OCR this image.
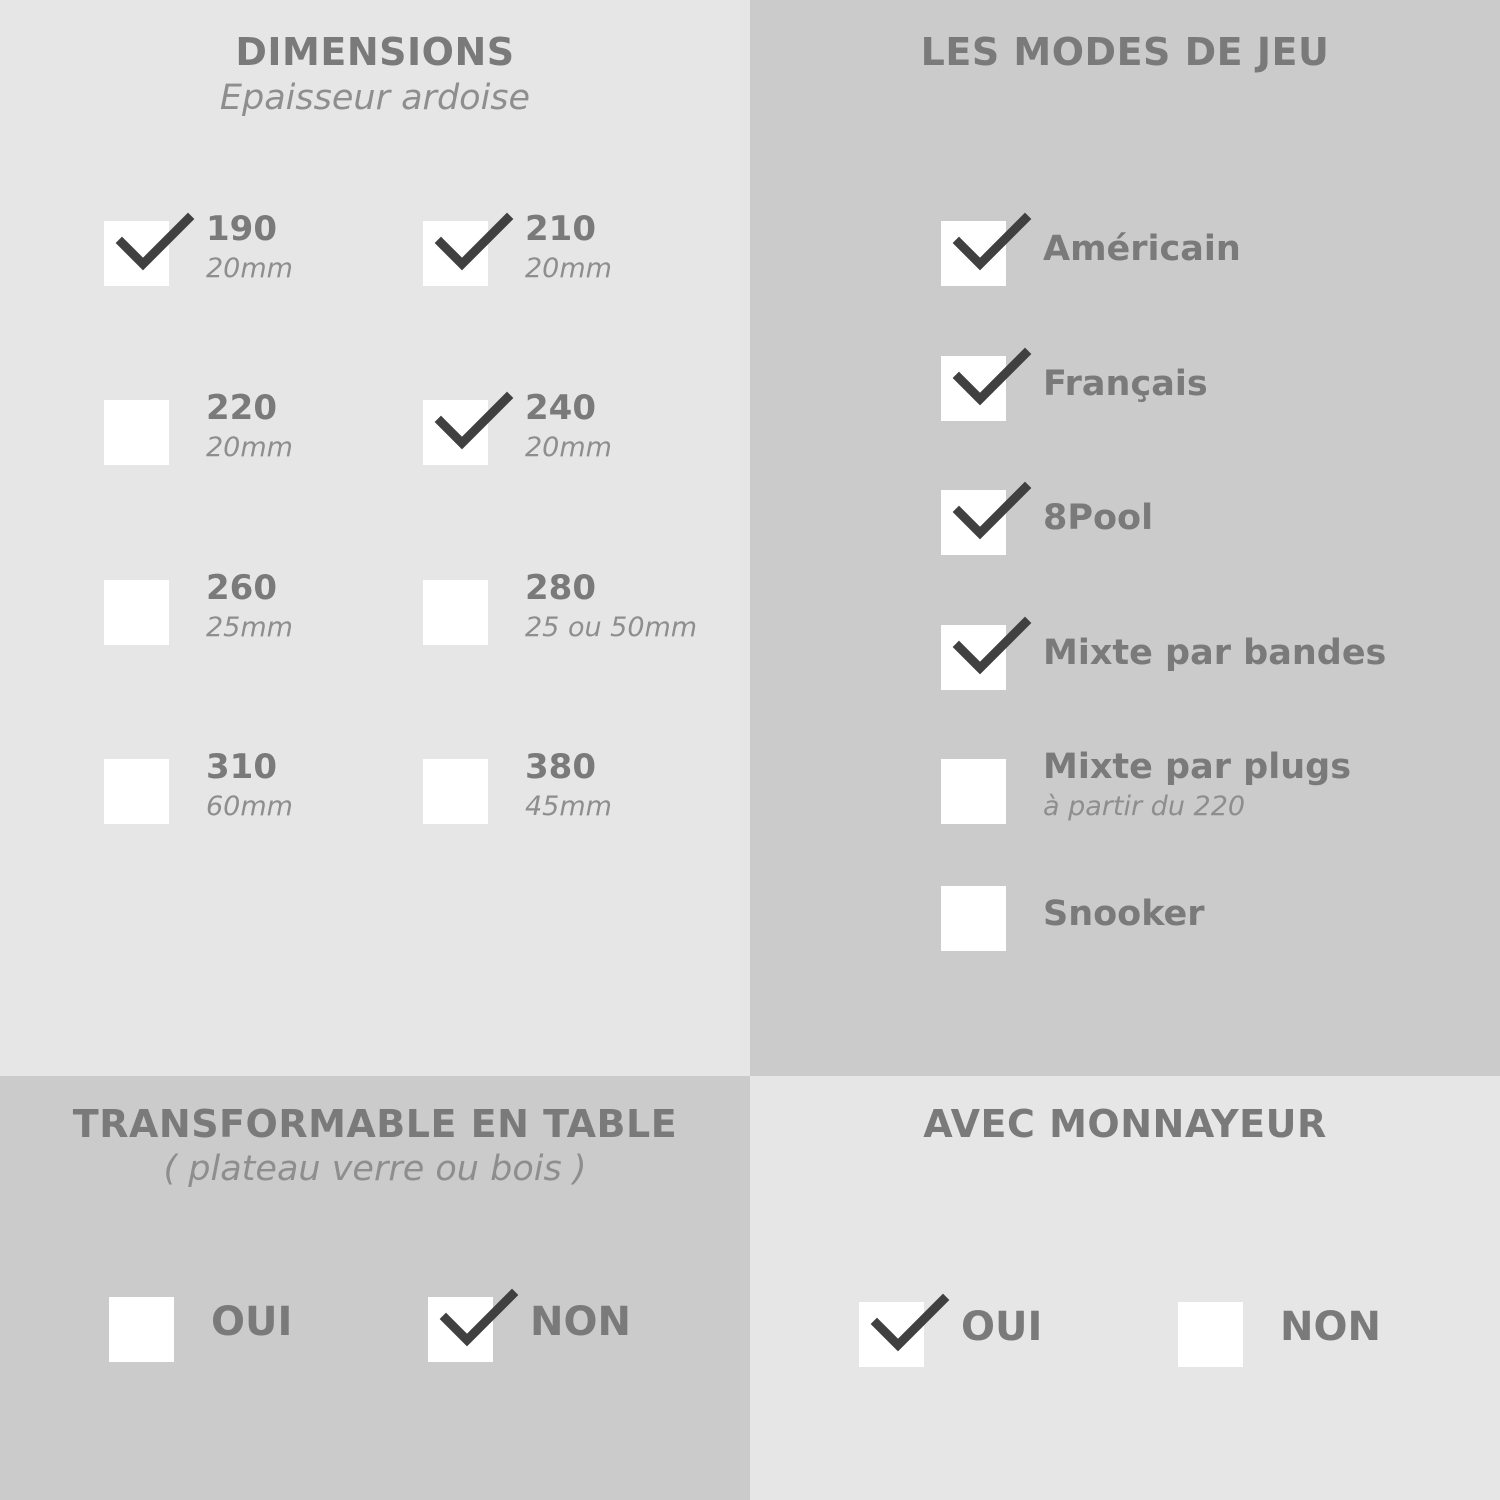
DIMENSIONS
Epaisseur ardoise
190
20mm
210
20mm
220
20mm
240
20mm
260
25mm
280
25 ou 50mm
310
60mm
380
45mm
LES MODES DE JEU
Américain
Français
8Pool
Mixte par bandes
Mixte par plugs
à partir du 220
Snooker
TRANSFORMABLE EN TABLE
( plateau verre ou bois )
OUI	NON
AVEC MONNAYEUR
OUI	NON
